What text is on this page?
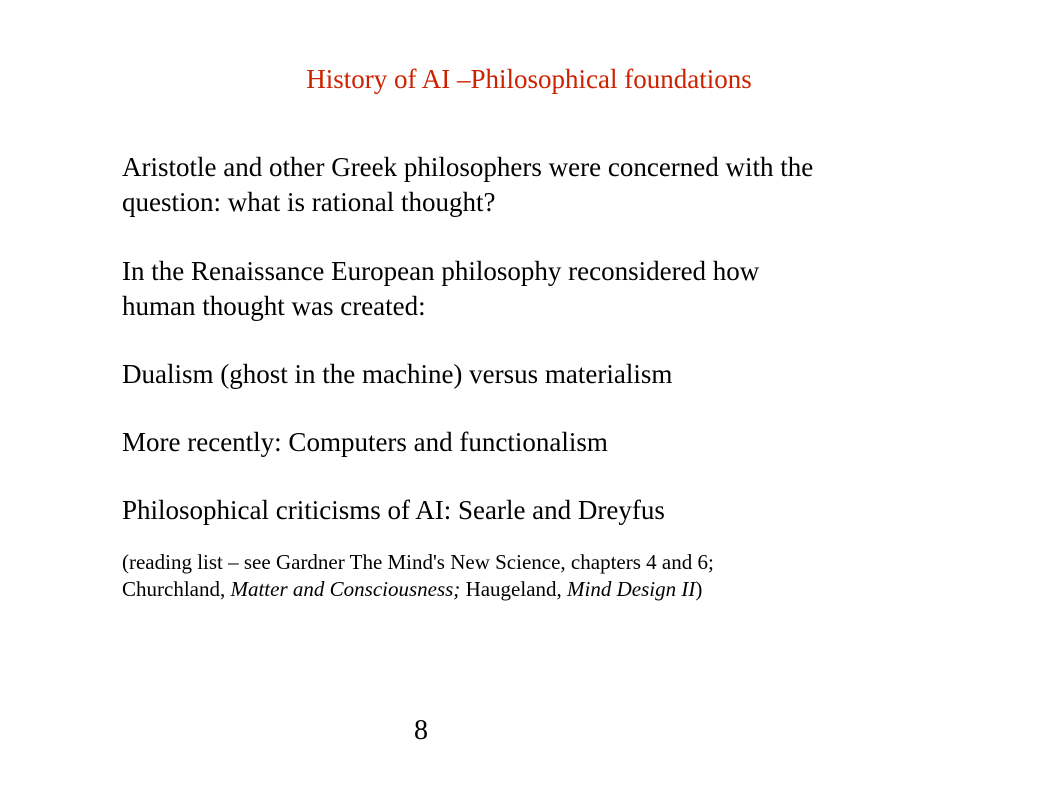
History of AI –Philosophical foundations

Aristotle and other Greek philosophers were concerned with the
question: what is rational thought?

In the Renaissance European philosophy reconsidered how
human thought was created:

Dualism (ghost in the machine) versus materialism

More recently: Computers and functionalism

Philosophical criticisms of AI: Searle and Dreyfus

(reading list – see Gardner The Mind's New Science, chapters 4 and 6;
Churchland, Matter and Consciousness; Haugeland, Mind Design II)

8
